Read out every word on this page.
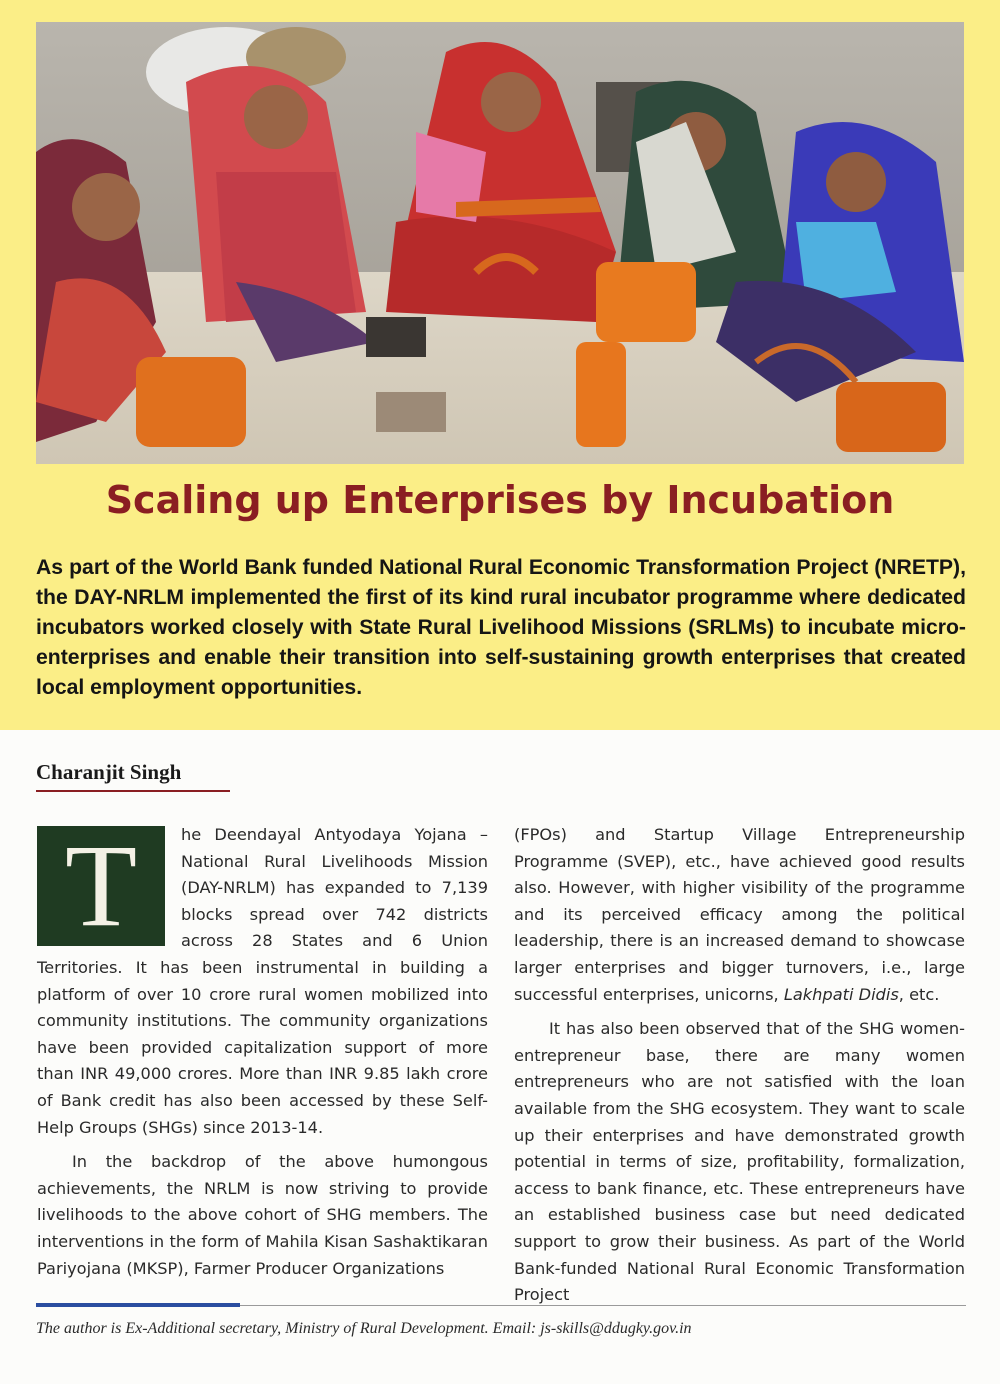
Scaling up Enterprises by Incubation
As part of the World Bank funded National Rural Economic Transformation Project (NRETP), the DAY-NRLM implemented the first of its kind rural incubator programme where dedicated incubators worked closely with State Rural Livelihood Missions (SRLMs) to incubate micro-enterprises and enable their transition into self-sustaining growth enterprises that created local employment opportunities.
Charanjit Singh

T	he Deendayal Antyodaya Yojana – National Rural Livelihoods Mission (DAY-NRLM) has expanded to 7,139 blocks spread over 742 districts across 28 States and 6 Union Territories. It has been instrumental in building a platform of over 10 crore rural women mobilized into community institutions. The community organizations have been provided capitalization support of more than INR 49,000 crores. More than INR 9.85 lakh crore of Bank credit has also been accessed by these Self-Help Groups (SHGs) since 2013-14.

In the backdrop of the above humongous achievements, the NRLM is now striving to provide livelihoods to the above cohort of SHG members. The interventions in the form of Mahila Kisan Sashaktikaran Pariyojana (MKSP), Farmer Producer Organizations

(FPOs) and Startup Village Entrepreneurship Programme (SVEP), etc., have achieved good results also. However, with higher visibility of the programme and its perceived efficacy among the political leadership, there is an increased demand to showcase larger enterprises and bigger turnovers, i.e., large successful enterprises, unicorns, Lakhpati Didis, etc.

It has also been observed that of the SHG women-entrepreneur base, there are many women entrepreneurs who are not satisfied with the loan available from the SHG ecosystem. They want to scale up their enterprises and have demonstrated growth potential in terms of size, profitability, formalization, access to bank finance, etc. These entrepreneurs have an established business case but need dedicated support to grow their business. As part of the World Bank-funded National Rural Economic Transformation Project

The author is Ex-Additional secretary, Ministry of Rural Development. Email: js-skills@ddugky.gov.in
